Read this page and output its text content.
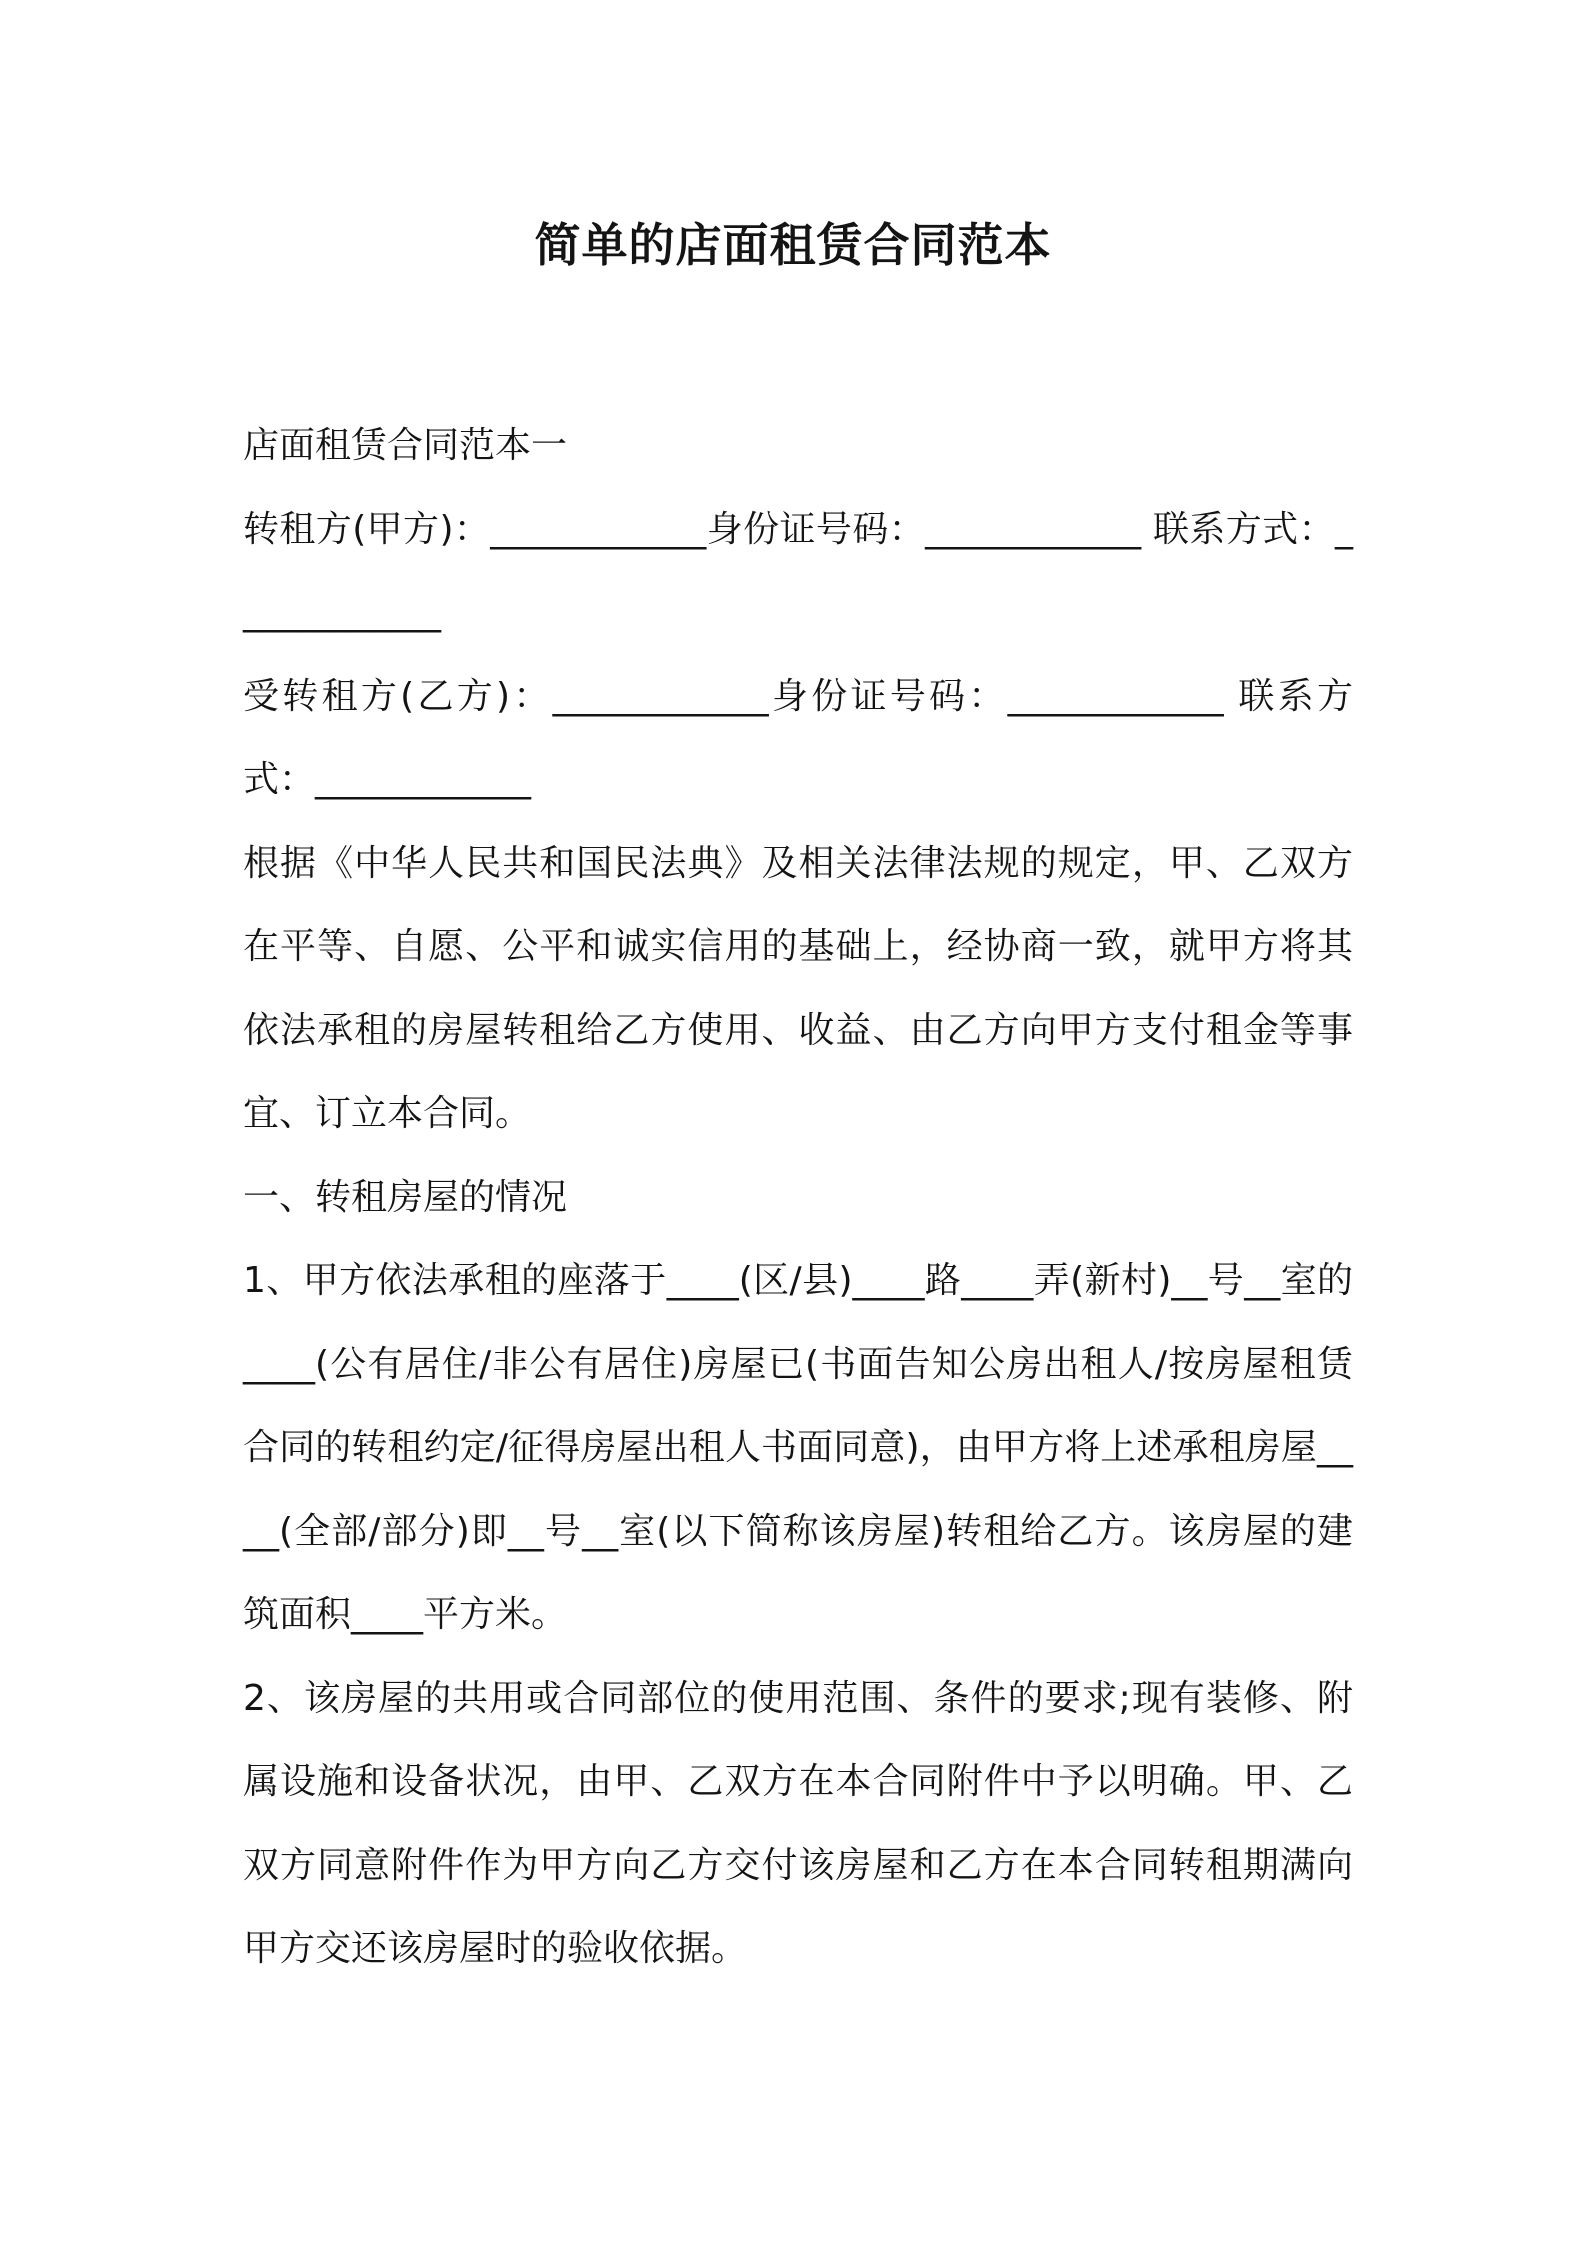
简单的店面租赁合同范本

店面租赁合同范本一

转租方(甲方)：____________身份证号码：____________ 联系方式：____________

受转租方(乙方)：____________身份证号码：____________ 联系方式：____________

根据《中华人民共和国民法典》及相关法律法规的规定，甲、乙双方在平等、自愿、公平和诚实信用的基础上，经协商一致，就甲方将其依法承租的房屋转租给乙方使用、收益、由乙方向甲方支付租金等事宜、订立本合同。

一、转租房屋的情况

1、甲方依法承租的座落于____(区/县)____路____弄(新村)__号__室的____(公有居住/非公有居住)房屋已(书面告知公房出租人/按房屋租赁合同的转租约定/征得房屋出租人书面同意)，由甲方将上述承租房屋____(全部/部分)即__号__室(以下简称该房屋)转租给乙方。该房屋的建筑面积____平方米。

2、该房屋的共用或合同部位的使用范围、条件的要求;现有装修、附属设施和设备状况，由甲、乙双方在本合同附件中予以明确。甲、乙双方同意附件作为甲方向乙方交付该房屋和乙方在本合同转租期满向甲方交还该房屋时的验收依据。
